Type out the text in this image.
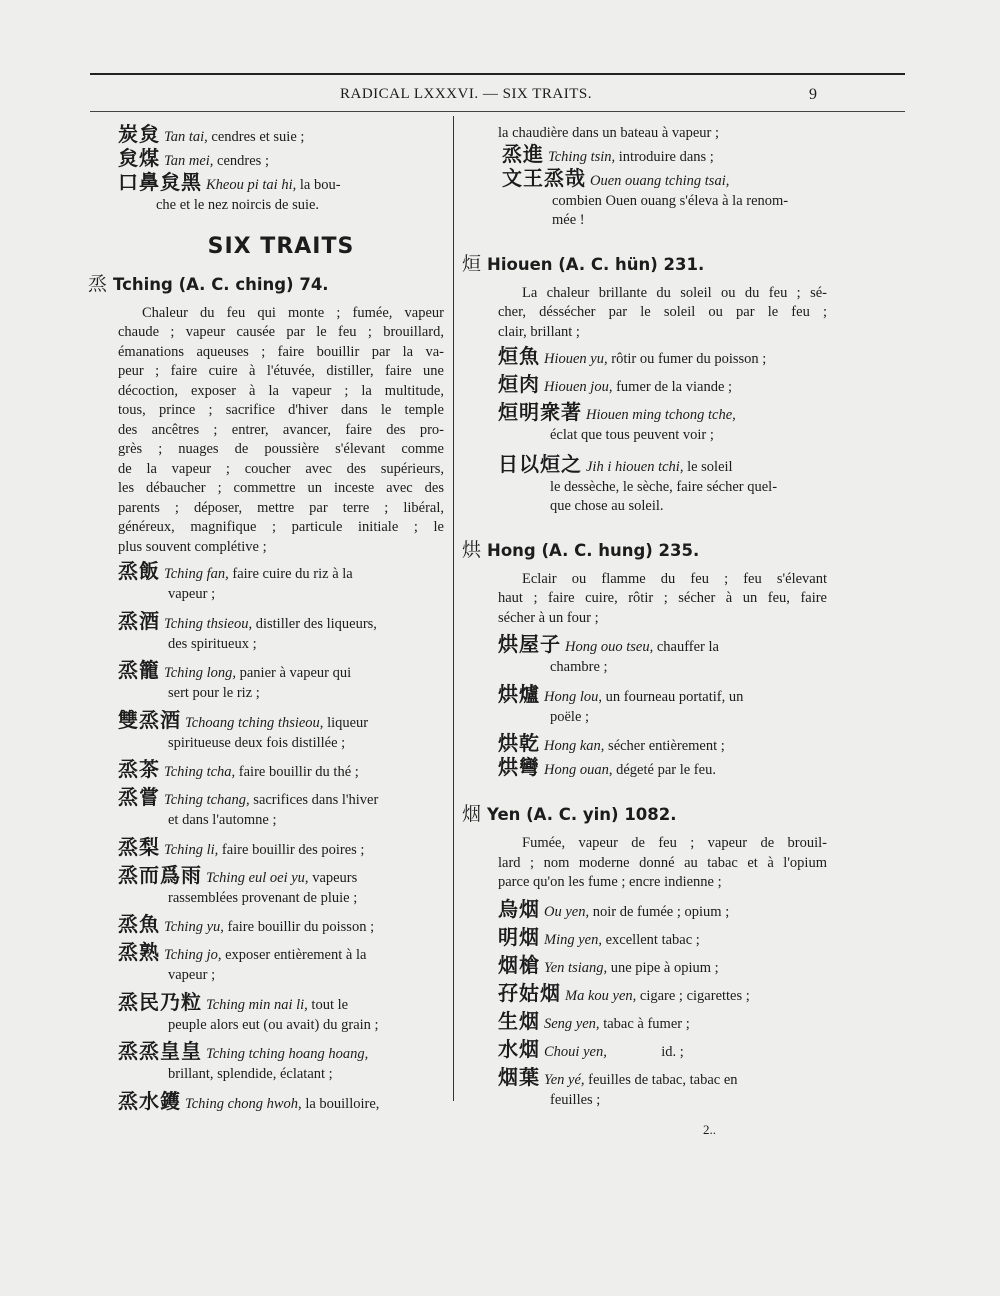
RADICAL LXXXVI. — SIX TRAITS.	9
炭炱 Tan tai, cendres et suie ;
炱煤 Tan mei, cendres ;
口鼻炱黑 Kheou pi tai hi, la bou-
che et le nez noircis de suie.
SIX TRAITS
烝 Tching (A. C. ching) 74.
Chaleur du feu qui monte ; fumée, vapeur
chaude ; vapeur causée par le feu ; brouillard,
émanations aqueuses ; faire bouillir par la va-
peur ; faire cuire à l'étuvée, distiller, faire une
décoction, exposer à la vapeur ; la multitude,
tous, prince ; sacrifice d'hiver dans le temple
des ancêtres ; entrer, avancer, faire des pro-
grès ; nuages de poussière s'élevant comme
de la vapeur ; coucher avec des supérieurs,
les débaucher ; commettre un inceste avec des
parents ; déposer, mettre par terre ; libéral,
généreux, magnifique ; particule initiale ; le
plus souvent complétive ;
烝飯 Tching fan, faire cuire du riz à la
vapeur ;
烝酒 Tching thsieou, distiller des liqueurs,
des spiritueux ;
烝籠 Tching long, panier à vapeur qui
sert pour le riz ;
雙烝酒 Tchoang tching thsieou, liqueur
spiritueuse deux fois distillée ;
烝茶 Tching tcha, faire bouillir du thé ;
烝嘗 Tching tchang, sacrifices dans l'hiver
et dans l'automne ;
烝梨 Tching li, faire bouillir des poires ;
烝而爲雨 Tching eul oei yu, vapeurs
rassemblées provenant de pluie ;
烝魚 Tching yu, faire bouillir du poisson ;
烝熟 Tching jo, exposer entièrement à la
vapeur ;
烝民乃粒 Tching min nai li, tout le
peuple alors eut (ou avait) du grain ;
烝烝皇皇 Tching tching hoang hoang,
brillant, splendide, éclatant ;
烝水鑊 Tching chong hwoh, la bouilloire,
la chaudière dans un bateau à vapeur ;
烝進 Tching tsin, introduire dans ;
文王烝哉 Ouen ouang tching tsai,
combien Ouen ouang s'éleva à la renom-
mée !
烜 Hiouen (A. C. hün) 231.
La chaleur brillante du soleil ou du feu ; sé-
cher, déssécher par le soleil ou par le feu ;
clair, brillant ;
烜魚 Hiouen yu, rôtir ou fumer du poisson ;
烜肉 Hiouen jou, fumer de la viande ;
烜明衆著 Hiouen ming tchong tche,
éclat que tous peuvent voir ;
日以烜之 Jih i hiouen tchi, le soleil
le dessèche, le sèche, faire sécher quel-
que chose au soleil.
烘 Hong (A. C. hung) 235.
Eclair ou flamme du feu ; feu s'élevant
haut ; faire cuire, rôtir ; sécher à un feu, faire
sécher à un four ;
烘屋子 Hong ouo tseu, chauffer la
chambre ;
烘爐 Hong lou, un fourneau portatif, un
poële ;
烘乾 Hong kan, sécher entièrement ;
烘彎 Hong ouan, dégeté par le feu.
烟 Yen (A. C. yin) 1082.
Fumée, vapeur de feu ; vapeur de brouil-
lard ; nom moderne donné au tabac et à l'opium
parce qu'on les fume ; encre indienne ;
烏烟 Ou yen, noir de fumée ; opium ;
明烟 Ming yen, excellent tabac ;
烟槍 Yen tsiang, une pipe à opium ;
孖姑烟 Ma kou yen, cigare ; cigarettes ;
生烟 Seng yen, tabac à fumer ;
水烟 Choui yen,               id. ;
烟葉 Yen yé, feuilles de tabac, tabac en
feuilles ;
2..
